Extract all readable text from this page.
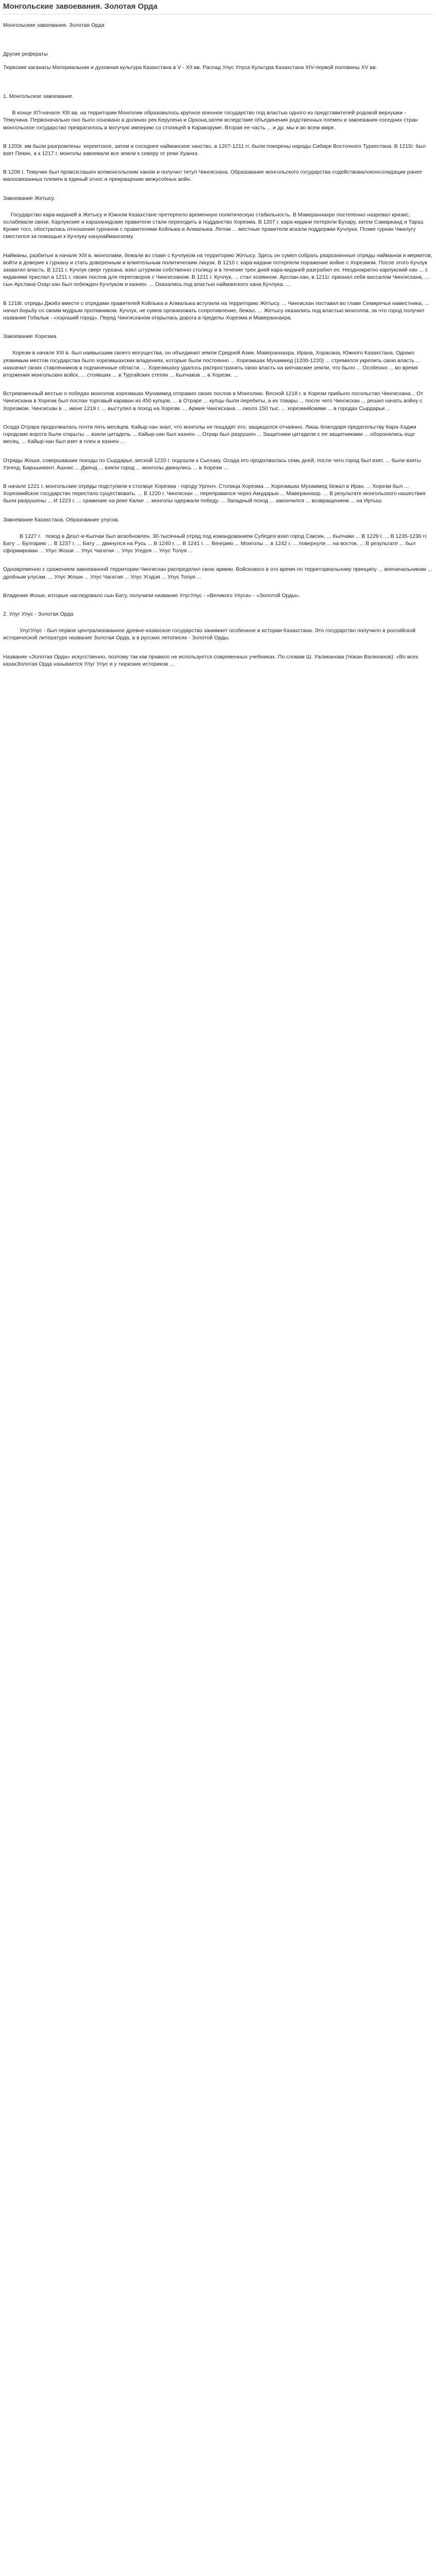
Монгольские завоевания. Золотая Орда
Монгольские завоевания. Золотая Орда
Другие рефераты
Тюркские каганаты Материальная и духовная культура Казахстана в V - XII вв. Распад Улус Улуса Культура Казахстана XIV-первой половины XV вв.
1. Монгольское завоевание.
В конце XП-начале XIII вв. на территории Монголии образовалось крупное военное государство под властью одного из представителей родовой верхушки - Темучина. Первоначально оно было основано в долинах рек Керулена и Орхона,затем вследствие объединения родственных племен и завоевания соседних стран монгольское государство превратилось в могучую империю со столицей в Каракоруме. Вторая ее часть ... и др. мы и во всем мире.
В 1203г. им были разгромлены  кереитское, затем и соседнее найманское ханство, в 1207-1211 гг. были покорены народы Сибири Восточного Туркестана. В 1215г. был взят Пекин, а к 1217 г. монголы завоевали все земли к северу от реки Хуанхэ.
В 1206 г. Темучин был провозглашен всемонгольским ханом и получил титул Чингисхана. Образование монгольского государства содействовалоконсолидации ранее малосвязанных племен в единый этнос и прекращению межусобных войн.
Завоевание Жетысу.
Государство кара-киданей в Жетысу и Южном Казахстане претерпело временную политическую стабильность. В Мавераннахре постепенно назревал кризис, ослабевали связи. Карлукские и караханидские правители стали переходить в подданство Хорезма. В 1207 г. кара-кидани потеряли Бухару, затем Самарканд и Тараз. Кроме того, обострилась отношения гурханов с правителями Койлыка и Алмалыка. Летом ... местные правители искали поддержки Кучлука. Позже гурхан Чжилугу сместился за помощью к Кучлуку канунайманскому.
Найманы, разбитые в начале XIII в. монголами, бежали во главе с Кучлуком на территорию Жетысу. Здесь он сумел собрать разрозненные отряды найманов и меркитов, войти в доверие к гурхану и стать доверенным и влиятельным политическим лицом. В 1210 г. кара-кидани потерпели поражение войне с Хорезмом. После этого Кучлук захватил власть. В 1211 г. Кучлук сверг гурхана, взял штурмом собственно столицу и в течение трех дней кара-киданей разграбил ее. Неоднократно карлукский хан ... с киданями прислал в 1211 г. своих послов для переговоров с Чингисханом. В 1211 г. Кучлук, ... стал хозяином. Арслан-хан, в 1211г. признал себя вассалом Чингисхана, ... сын Арслана Озар-хан был побежден Кучлуком и казнен. ... Оказались под властью найманского хана Кучлука. ...
В 1218г. отряды Джэбэ вместе с отрядами правителей Койлыка и Алмалыка вступили на территорию Жетысу. ... Чингисхан поставил во главе Семиречья наместника, ... начал борьбу со своим мудрым противником. Кучлук, не сумев организовать сопротивление, бежал. ... Жетысу оказались под властью монголов, за что город получил название Гобалык - «хороший город». Перед Чингисханом открылась дорога в пределы Хорезма и Мавераннахра.
Завоевание Хорезма.
Хорезм в начале XIII в. был наивысшим своего могущества, он объединил земли Средней Азии, Мавераннахра, Ирана, Хорасана, Южного Казахстана. Однако уязвимым местом государства было хорезмшахских владениях, которые были постоянно ... Хорезмшах Мухаммед (1200-1220) ... стремился укрепить свою власть ... назначил своих ставленников в подчиненные области. ... Хорезмшаху удалось распространить свою власть на кипчакские земли, что было ... Особенно ... во время вторжения монгольских войск, ... стоявших ... в Тургайских степях ... Кыпчаков ... в Хорезм. ...
Встревоженный вестью о победах монголов хорезмшах Мухаммед отправил своих послов в Монголию. Весной 1218 г. в Хорезм прибыло посольство Чингисхана... От Чингисхана в Хорезм был послан торговый караван из 450 купцов, ... в Отраре ... купцы были перебиты, а их товары ... после чего Чингисхан ... решил начать войну с Хорезмом. Чингисхан в ... июне 1219 г. ... выступил в поход на Хорезм. ... Армия Чингисхана ... около 150 тыс. ... хорезмийскими ... в городах Сырдарьи ...
Осада Отрара продолжалась почти пять месяцев. Кайыр-хан знал, что монголы не пощадят его, защищался отчаянно. Лишь благодаря предательству Кара-Хаджи городские ворота были открыты ... взяли цитадель ... Кайыр-хан был казнен ... Отрар был разрушен ... Защитники цитадели с ее защитниками ... оборонялись еще месяц. ... Кайыр-хан был взят в плен и казнен ...
Отряды Жоши, совершавшие походы по Сырдарье, весной 1220 г. подошли к Сыгнаку. Осада его продолжалась семь дней, после чего город был взят. ... были взяты Узгенд, Баршынкент, Ашнас ... Дженд ... взяли город ... монголы двинулись ... в Хорезм ...
В начале 1221 г. монгольские отряды подступили к столице Хорезма - городу Ургенч. Столица Хорезма ... Хорезмшах Мухаммед бежал в Иран. ... Хорезм был ... Хорезмийское государство перестало существовать. ... В 1220 г. Чингисхан ... переправился через Амударью ... Мавераннахр. ... В результате монгольского нашествия были разрушены ... И 1223 г. ... сражение на реке Калке ... монголы одержали победу. ... Западный поход ... закончился ... возвращением ... на Иртыш.
Завоевание Казахстана. Образование улусов.
В 1227 г.   поход в Дешт-и-Кыпчак был возобновлен. 30-тысячный отряд под командованием Субедея взял город Саксин, ... Кыпчаки ... В 1229 г. ... В 1235-1236 гг. Бату ... Булгарию ... В 1237 г. ... Бату ... двинулся на Русь ... В 1240 г. ... В 1241 г. ... Венгрию ... Монголы ... в 1242 г. ... повернули ... на восток. ... В результате ... был сформирован ... Улус Жоши ... Улус Чагатая ... Улус Угедея ... Улус Толуя ...
Одновременно с сражением завоеванной территории Чингисхан распределил свою армию. Войскового в это время по территориальному принципу ... военачальникам ... дробным улусам. ... Улус Жоши ... Улус Чагатая ... Улус Угэдэя ... Улус Толуя ...
Владения Жоши, которые наследовало сын Бату, получили название УлугУлус - «Великого Улуса» - «Золотой Орды».
2. Улуг Улус - Золотая Орда
УлугУлус - был первое централизованное древне-казахское государство занимает особенное в истории Казахстана. Это государство получило в российской исторической литературе название Золотая Орда, а в русских летописях - Золотой Орды.
Название «Золотая Орда» искусственно, поэтому так как правило не используется современных учебниках. По словам Ш. Уаликанова (Чокан Валиханов): «Во всех казахЗолотая Орда называется Улуг Улус и у тюркских историков ...
